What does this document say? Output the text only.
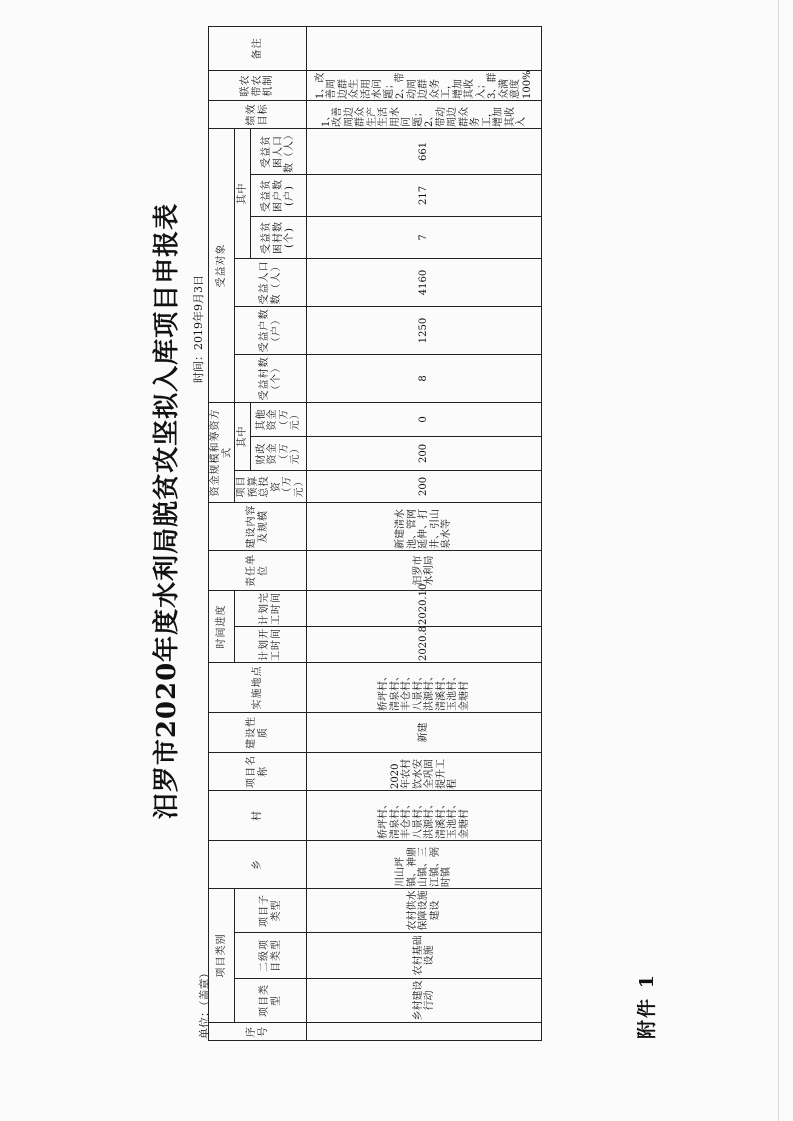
附件 1
汨罗市2020年度水利局脱贫攻坚拟入库项目申报表
单位：（盖章）
时间：2019年9月3日
序号	项目类别			乡	村	项目名称	建设性质	实施地点	时间进度		责任单位	建设内容及规模	资金规模和筹资方式			受益对象						绩效目标	联农带农机制	备注
	项目类型	二级项目类型	项目子类型						计划开工时间	计划完工时间			项目预算总投资（万元）	其中		受益村数（个）	受益户数（户）	受益人口数（人）	其中					
														财政资金（万元）	其他资金（万元）				受益贫困村数(个)	受益贫困户数(户)	受益贫困人口数（人）			
	乡村建设行动	农村基础设施	农村供水保障设施建设	川山坪镇、神鼎山镇、三江镇、弼时镇	桥坪村、清泉村、丰仓村、八景村、洪源村、清溪村、玉池村、金塘村	2020年农村饮水安全巩固提升工程	新建	桥坪村、清泉村、丰仓村、八景村、洪源村、清溪村、玉池村、金塘村	2020.8	2020.10	汨罗市水利局	新建清水池、管网延伸、打井、引山泉水等	200	200	0	8	1250	4160	7	217	661	1、改善周边群众生产生活用水问题；2、带动周边群众务工，增加其收入	1、改善周边群众生活用水问题；2、带动周边群众务工，增加其收入；3、群众满意度100%	
